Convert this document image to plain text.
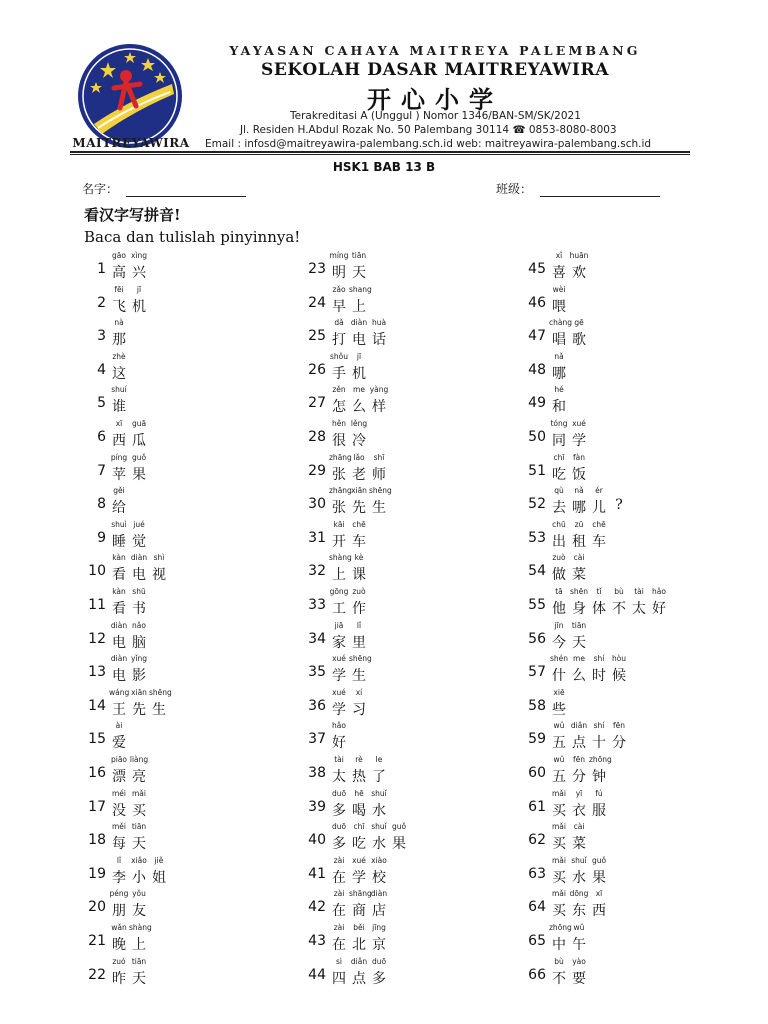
MAITREYAWIRA
YAYASAN CAHAYA MAITREYA PALEMBANG
SEKOLAH DASAR MAITREYAWIRA
开心小学
Terakreditasi A (Unggul ) Nomor 1346/BAN-SM/SK/2021
Jl. Residen H.Abdul Rozak No. 50 Palembang 30114 ☎ 0853-8080-8003
Email : infosd@maitreyawira-palembang.sch.id web: maitreyawira-palembang.sch.id
HSK1 BAB 13 B
名字：	班级：
看汉字写拼音!
Baca dan tulislah pinyinnya!
1
gāo xìng
高 兴
2
fēi	jī
飞 机
3
nà
那
4
zhè
这
5
shuí
谁
6
xī	guā
西 瓜
7
píng guǒ
苹 果
8
gěi
给
9
shuì jué
睡 觉
10
kàn diàn shì
看 电 视
11
kàn shū
看 书
12
diàn nǎo
电 脑
13
diàn yǐng
电 影
14
wáng xiān shēng
王 先 生
15
ài
爱
16
piāo liàng
漂 亮
17
méi mǎi
没 买
18
měi tiān
每 天
19
lǐ	xiǎo	jiě
李 小 姐
20
péng yǒu
朋 友
21
wǎn shàng
晚 上
22
zuó tiān
昨 天
23
míng tiān
明 天
24
zǎo shang
早 上
25
dǎ diàn huà
打 电 话
26
shǒu	jī
手 机
27
zěn me yàng
怎 么 样
28
hěn lěng
很 冷
29
zhāng lǎo	shī
张 老 师
30
zhāng xiān shēng
张 先 生
31
kāi	chē
开 车
32
shàng kè
上 课
33
gōng zuò
工 作
34
jiā	lǐ
家 里
35
xué shēng
学 生
36
xué	xí
学 习
37
hǎo
好
38
tài	rè	le
太 热 了
39
duō	hē	shuǐ
多 喝 水
40
duō chī shuǐ guǒ
多 吃 水 果
41
zài	xué xiào
在 学 校
42
zài shāng diàn
在 商 店
43
zài	běi jīng
在 北 京
44
sì	diǎn duō
四 点 多
45
xǐ huān
喜 欢
46
wèi
喂
47
chàng gē
唱 歌
48
nǎ
哪
49
hé
和
50
tóng xué
同 学
51
chī	fàn
吃 饭
52
qù	nǎ	ér
去 哪 儿 ?
53
chū	zū	chē
出 租 车
54
zuò	cài
做 菜
55
tā shēn	tǐ	bù	tài	hǎo
他 身 体 不 太 好
56
jīn	tiān
今 天
57
shén me	shí	hòu
什 么 时 候
58
xiē
些
59
wǔ diǎn shí	fēn
五 点 十 分
60
wǔ	fēn zhōng
五 分 钟
61
mǎi	yī	fú
买 衣 服
62
mǎi	cài
买 菜
63
mǎi shuǐ guǒ
买 水 果
64
mǎi dōng xī
买 东 西
65
zhōng wǔ
中 午
66
bù	yào
不 要
